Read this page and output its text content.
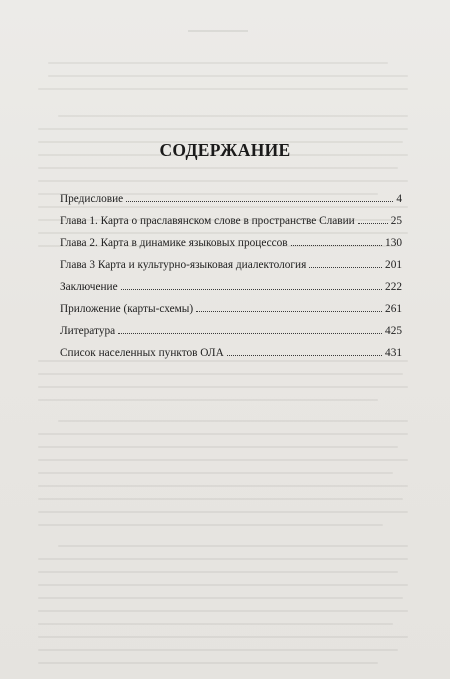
СОДЕРЖАНИЕ
Предисловие	4
Глава 1. Карта о праславянском слове в пространстве Славии	25
Глава 2. Карта в динамике языковых процессов	130
Глава 3 Карта и культурно-языковая диалектология	201
Заключение	222
Приложение (карты-схемы)	261
Литература	425
Список населенных пунктов ОЛА	431
